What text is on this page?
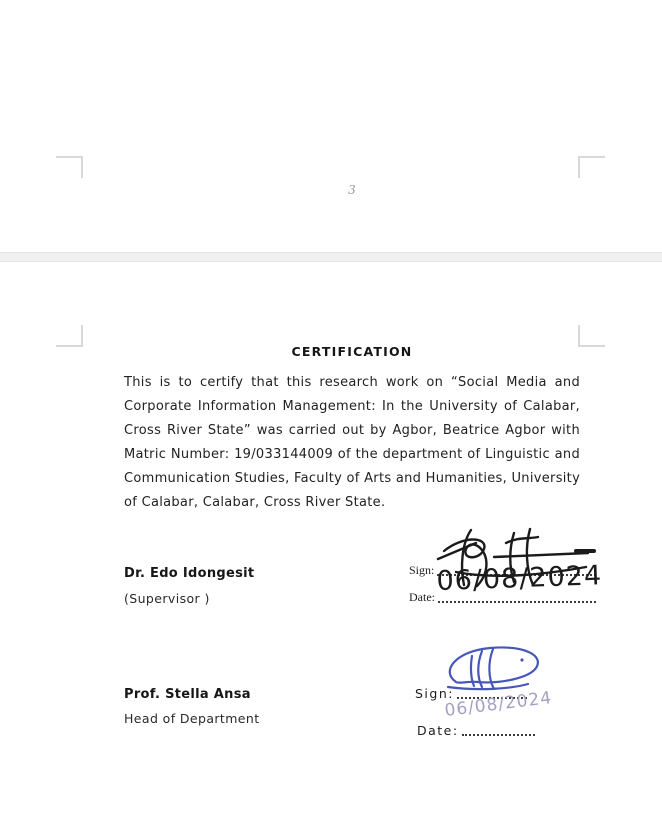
3
CERTIFICATION
This is to certify that this research work on “Social Media and
Corporate Information Management: In the University of Calabar,
Cross River State” was carried out by Agbor, Beatrice Agbor with
Matric Number: 19/033144009 of the department of Linguistic and
Communication Studies, Faculty of Arts and Humanities, University
of Calabar, Calabar, Cross River State.
Dr. Edo Idongesit
(Supervisor )
Sign:
Date:
06/08/2024
Prof. Stella Ansa
Head of Department
Sign:
06/08/2024
Date:
